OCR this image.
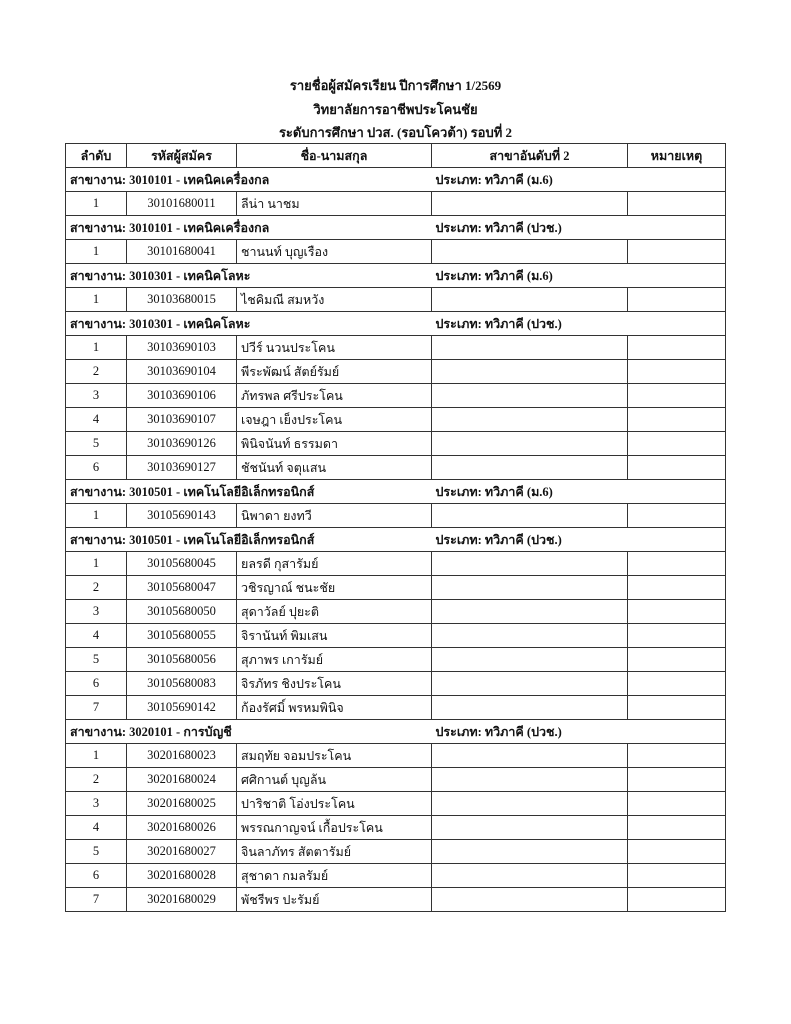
รายชื่อผู้สมัครเรียน ปีการศึกษา 1/2569
วิทยาลัยการอาชีพประโคนชัย
ระดับการศึกษา ปวส. (รอบโควต้า) รอบที่ 2
ลำดับ	รหัสผู้สมัคร	ชื่อ-นามสกุล	สาขาอันดับที่ 2	หมายเหตุ
สาขางาน: 3010101 - เทคนิคเครื่องกล			ประเภท: ทวิภาคี (ม.6)	
1	30101680011	ลีน่า นาชม		
สาขางาน: 3010101 - เทคนิคเครื่องกล			ประเภท: ทวิภาคี (ปวช.)	
1	30101680041	ชานนท์ บุญเรือง		
สาขางาน: 3010301 - เทคนิคโลหะ			ประเภท: ทวิภาคี (ม.6)	
1	30103680015	ไชคิมณี สมหวัง		
สาขางาน: 3010301 - เทคนิคโลหะ			ประเภท: ทวิภาคี (ปวช.)	
1	30103690103	ปวีร์ นวนประโคน		
2	30103690104	พีระพัฒน์ สัตย์รัมย์		
3	30103690106	ภัทรพล ศรีประโคน		
4	30103690107	เจษฎา เย็งประโคน		
5	30103690126	พินิจนันท์ ธรรมดา		
6	30103690127	ชัชนันท์ จตุแสน		
สาขางาน: 3010501 - เทคโนโลยีอิเล็กทรอนิกส์			ประเภท: ทวิภาคี (ม.6)	
1	30105690143	นิพาดา ยงทวี		
สาขางาน: 3010501 - เทคโนโลยีอิเล็กทรอนิกส์			ประเภท: ทวิภาคี (ปวช.)	
1	30105680045	ยลรดี กุสารัมย์		
2	30105680047	วชิรญาณ์ ชนะชัย		
3	30105680050	สุดาวัลย์ ปุยะติ		
4	30105680055	จิรานันท์ พิมเสน		
5	30105680056	สุภาพร เการัมย์		
6	30105680083	จิรภัทร ชิงประโคน		
7	30105690142	ก้องรัศมิ์ พรหมพินิจ		
สาขางาน: 3020101 - การบัญชี			ประเภท: ทวิภาคี (ปวช.)	
1	30201680023	สมฤทัย จอมประโคน		
2	30201680024	ศศิกานต์ บุญล้น		
3	30201680025	ปาริชาติ โอ่งประโคน		
4	30201680026	พรรณกาญจน์ เกื้อประโคน		
5	30201680027	จินลาภัทร สัตตารัมย์		
6	30201680028	สุชาดา กมลรัมย์		
7	30201680029	พัชรีพร ปะรัมย์		
